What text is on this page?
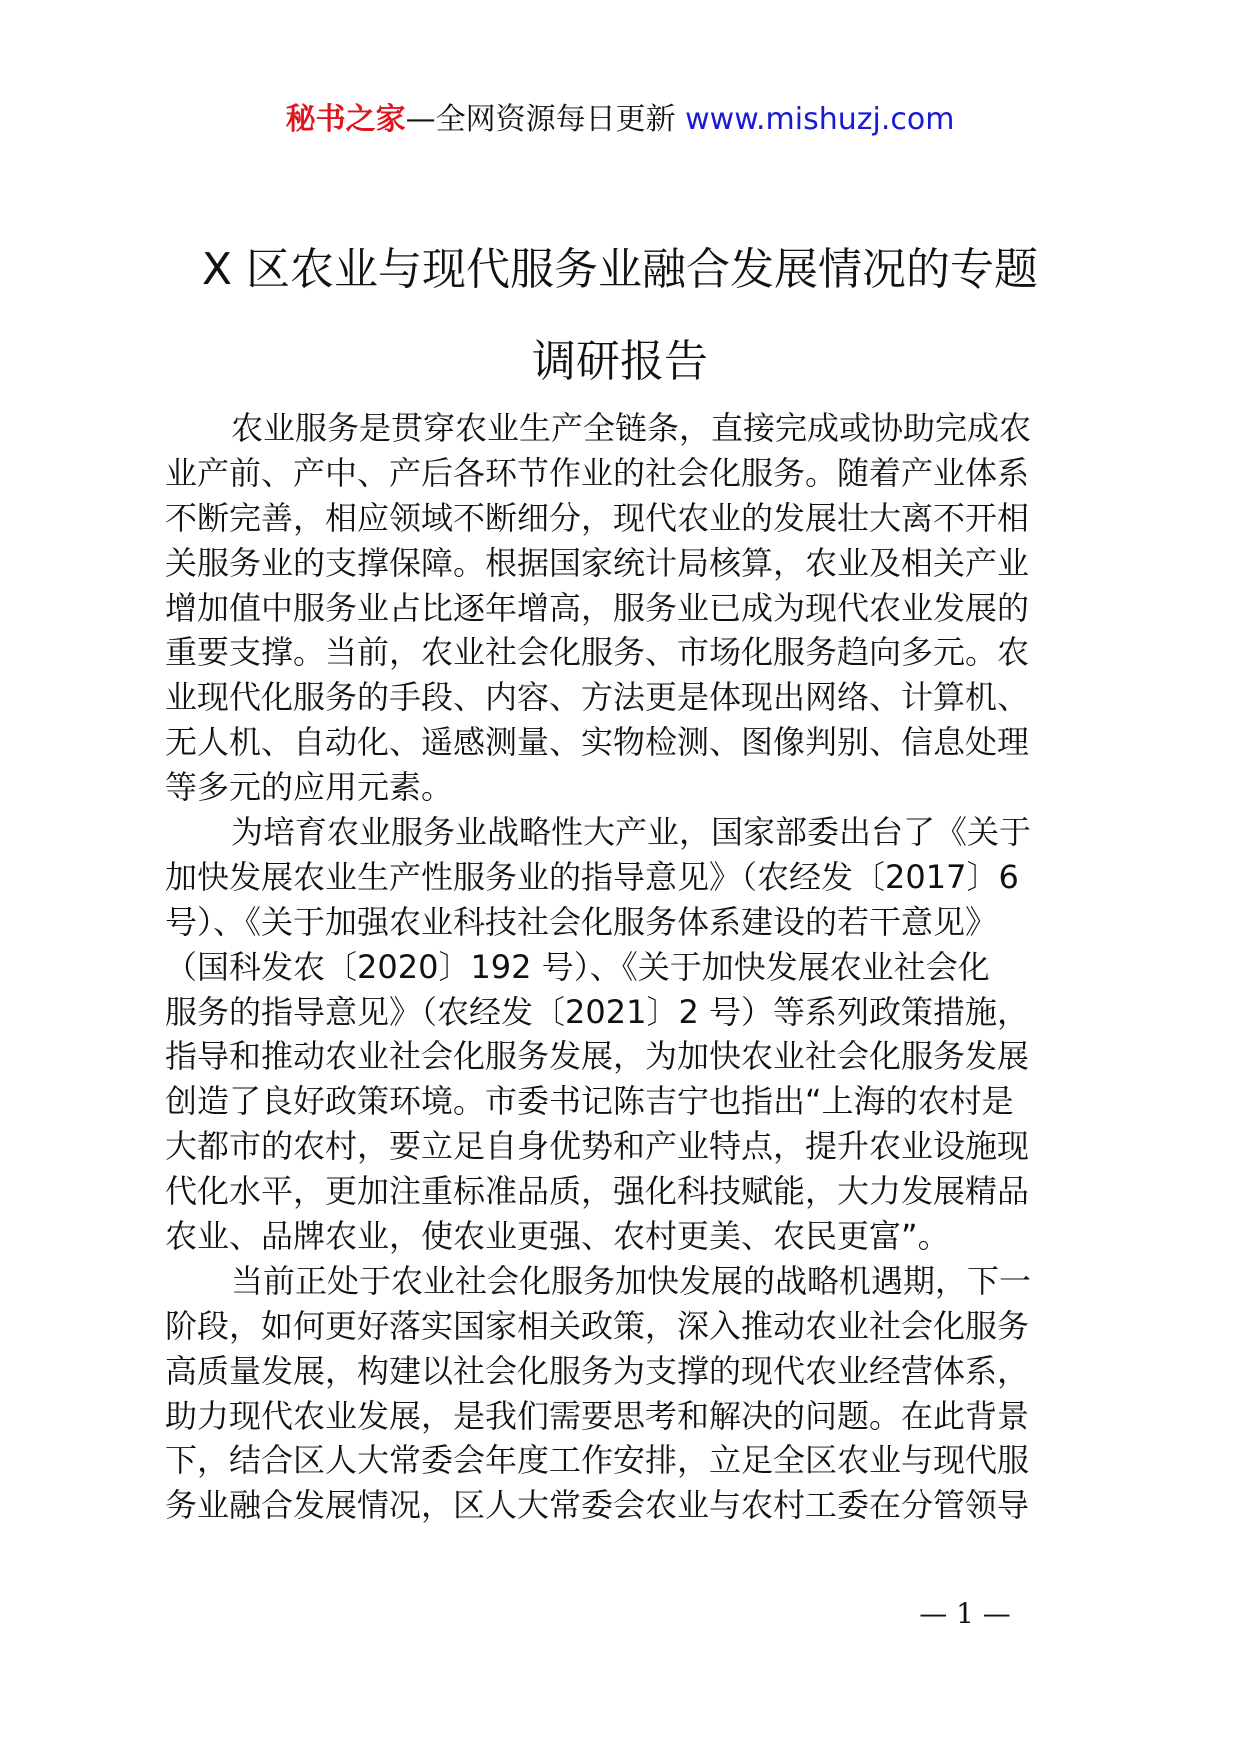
秘书之家—全网资源每日更新 www.mishuzj.com
X 区农业与现代服务业融合发展情况的专题
调研报告
农业服务是贯穿农业生产全链条，直接完成或协助完成农
业产前、产中、产后各环节作业的社会化服务。随着产业体系
不断完善，相应领域不断细分，现代农业的发展壮大离不开相
关服务业的支撑保障。根据国家统计局核算，农业及相关产业
增加值中服务业占比逐年增高，服务业已成为现代农业发展的
重要支撑。当前，农业社会化服务、市场化服务趋向多元。农
业现代化服务的手段、内容、方法更是体现出网络、计算机、
无人机、自动化、遥感测量、实物检测、图像判别、信息处理
等多元的应用元素。
为培育农业服务业战略性大产业，国家部委出台了《关于
加快发展农业生产性服务业的指导意见》（农经发〔2017〕6
号）、《关于加强农业科技社会化服务体系建设的若干意见》
（国科发农〔2020〕192 号）、《关于加快发展农业社会化
服务的指导意见》（农经发〔2021〕2 号）等系列政策措施，
指导和推动农业社会化服务发展，为加快农业社会化服务发展
创造了良好政策环境。市委书记陈吉宁也指出“上海的农村是
大都市的农村，要立足自身优势和产业特点，提升农业设施现
代化水平，更加注重标准品质，强化科技赋能，大力发展精品
农业、品牌农业，使农业更强、农村更美、农民更富”。
当前正处于农业社会化服务加快发展的战略机遇期，下一
阶段，如何更好落实国家相关政策，深入推动农业社会化服务
高质量发展，构建以社会化服务为支撑的现代农业经营体系，
助力现代农业发展，是我们需要思考和解决的问题。在此背景
下，结合区人大常委会年度工作安排，立足全区农业与现代服
务业融合发展情况，区人大常委会农业与农村工委在分管领导
— 1 —
